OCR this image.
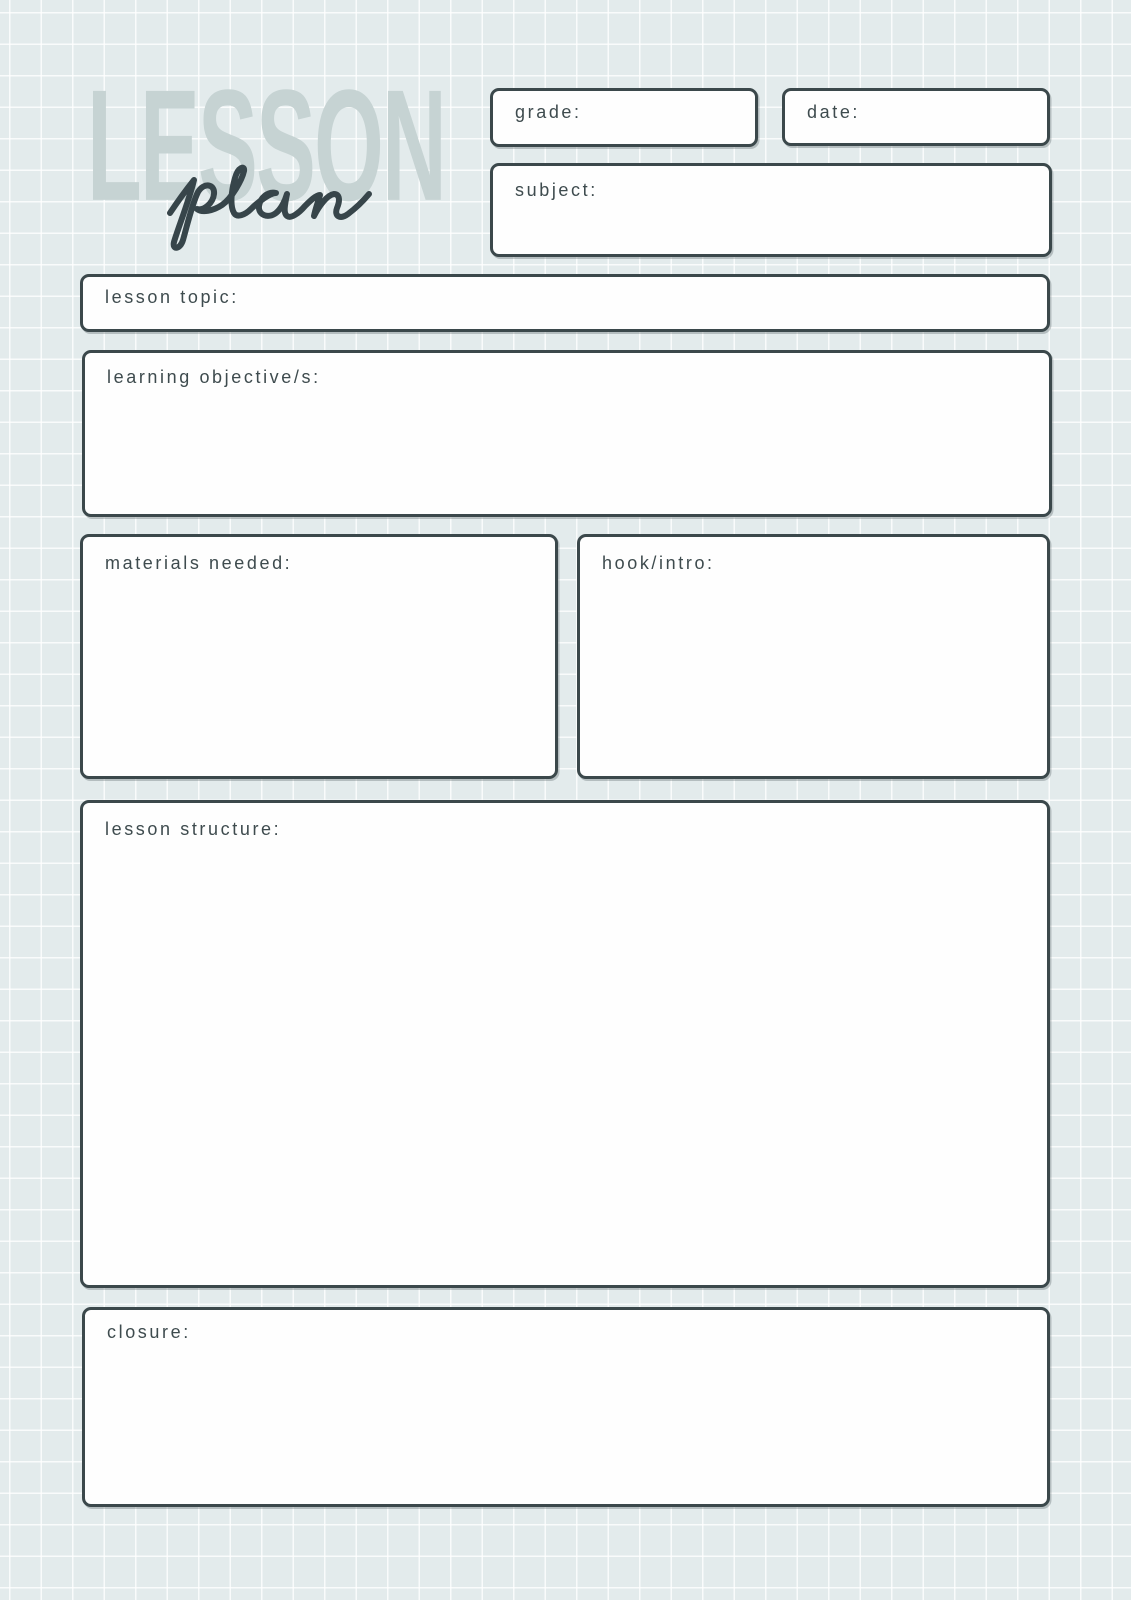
LESSON	grade:	date:
subject:
lesson topic:
learning objective/s:
materials needed:	hook/intro:
lesson structure:
closure:
